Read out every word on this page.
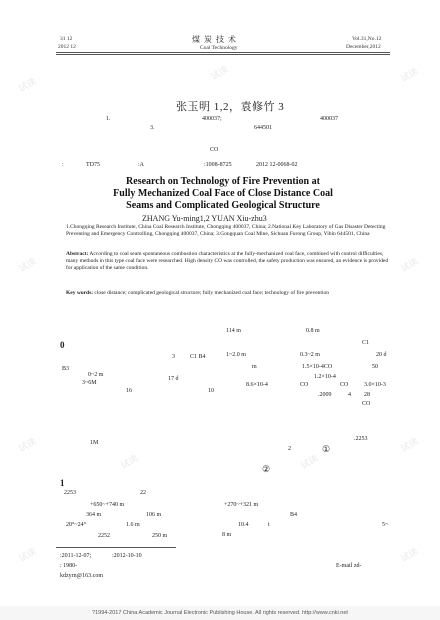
试读
试读
试读
试读
试读
试读
试读
试读
试读
试读	试读
31 12
2012 12
煤 炭 技 术
Coal Technology
Vol.31,No.12
December,2012
张玉明 1,2，袁修竹 3
1.	400037;	400037
3.	644501
CO
:	TD75	:A	:1008-8725	2012 12-0068-02
Research on Technology of Fire Prevention at
Fully Mechanized Coal Face of Close Distance Coal
Seams and Complicated Geological Structure
ZHANG Yu-ming1,2 YUAN Xiu-zhu3
1.Chongqing Research Institute, China Coal Research Institute, Chongqing 400037, China; 2.National Key Laboratory of Gas Disaster Detecting Preventing and Emergency Controlling, Chongqing 400037, China; 3.Gongquan Coal Mine, Sichuan Furong Group, Yibin 644501, China
Abstract: According to coal seam spontaneous combustion characteristics at the fully-mechanized coal face, combined with control difficulties, many methods in this type coal face were researched. High density CO was controlled, the safety production was ensured, an evidence is provided for application of the same condition.
Key words: close distance; complicated geological structure; fully mechanized coal face; technology of fire prevention
0
3	C1 B4
B3
0~2 m
17 d
3~6M
16	10
1M
1
2253	22
+650~+740 m
364 m	106 m
20°~24°	1.6 m
2252	250 m
114 m	0.8 m
C1
1~2.0 m	0.3~2 m	20 d
m	1.5×10-4CO	50
1.2×10-4
8.6×10-4	CO	CO	3.0×10-3
.2009	4 28
CO
.2253
2	①
②
+270~+321 m
B4
10.4	t
8 m
5~
:2011-12-07;	:2012-10-10
: 1980-	E-mail zd-
kdzyrn@163.com
?1994-2017 China Academic Journal Electronic Publishing House. All rights reserved. http://www.cnki.net
